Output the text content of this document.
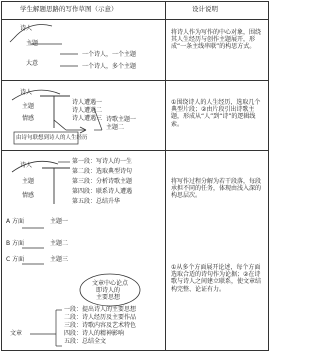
学生解题思路的写作草图（示意）	设计说明
诗人
主题
大意
一个诗人，一个主题
一个诗人，多个主题
将诗人作为写作的中心对象，围绕其人生经历与创作主题展开，形成“一条主线串联”的构思方式。
诗人
主题
情感
诗人遭遇一
诗人遭遇二
诗人遭遇三 诗歌主题一
主题二
由诗句联想到诗人的人生经历
①围绕诗人的人生经历，选取几个典型片段；②由片段引出诗歌主题，形成从“人”到“诗”的逻辑线索。
诗人
主题
情感
第一段：写诗人的一生
第二段：选取典型诗句
第三段：分析诗歌主题
第四段：联系诗人遭遇
第五段：总结升华
A 方面
B 方面
C 方面
主题一
主题二
主题三
文章中心论点
即诗人的
主要思想
文章
一段：提出诗人的主要思想
二段：诗人经历及主要作品
三段：诗歌内容及艺术特色
四段：诗人的精神影响
五段：总结全文
将写作过程分解为若干段落，每段承担不同的任务，体现由浅入深的构思层次。
①从多个方面展开论述，每个方面选取合适的诗句作为论据；②在诗歌与诗人之间建立联系，使文章结构完整、论证有力。
